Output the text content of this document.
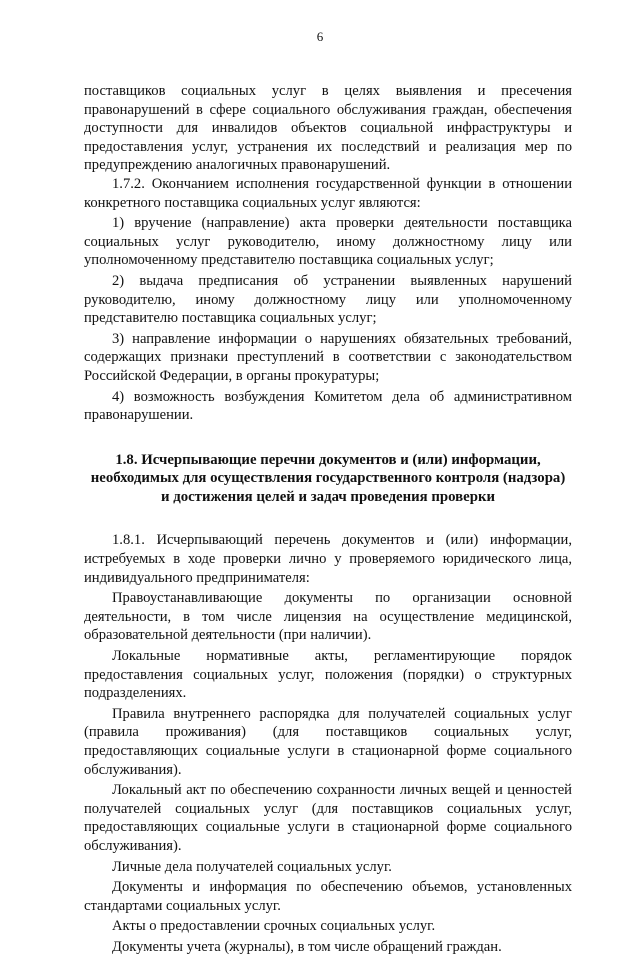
6

поставщиков социальных услуг в целях выявления и пресечения правонарушений в сфере социального обслуживания граждан, обеспечения доступности для инвалидов объектов социальной инфраструктуры и предоставления услуг, устранения их последствий и реализация мер по предупреждению аналогичных правонарушений.

1.7.2. Окончанием исполнения государственной функции в отношении конкретного поставщика социальных услуг являются:

1) вручение (направление) акта проверки деятельности поставщика социальных услуг руководителю, иному должностному лицу или уполномоченному представителю поставщика социальных услуг;

2) выдача предписания об устранении выявленных нарушений руководителю, иному должностному лицу или уполномоченному представителю поставщика социальных услуг;

3) направление информации о нарушениях обязательных требований, содержащих признаки преступлений в соответствии с законодательством Российской Федерации, в органы прокуратуры;

4) возможность возбуждения Комитетом дела об административном правонарушении.

1.8. Исчерпывающие перечни документов и (или) информации, необходимых для осуществления государственного контроля (надзора) и достижения целей и задач проведения проверки

1.8.1. Исчерпывающий перечень документов и (или) информации, истребуемых в ходе проверки лично у проверяемого юридического лица, индивидуального предпринимателя:

Правоустанавливающие документы по организации основной деятельности, в том числе лицензия на осуществление медицинской, образовательной деятельности (при наличии).

Локальные нормативные акты, регламентирующие порядок предоставления социальных услуг, положения (порядки) о структурных подразделениях.

Правила внутреннего распорядка для получателей социальных услуг (правила проживания) (для поставщиков социальных услуг, предоставляющих социальные услуги в стационарной форме социального обслуживания).

Локальный акт по обеспечению сохранности личных вещей и ценностей получателей социальных услуг (для поставщиков социальных услуг, предоставляющих социальные услуги в стационарной форме социального обслуживания).

Личные дела получателей социальных услуг.

Документы и информация по обеспечению объемов, установленных стандартами социальных услуг.

Акты о предоставлении срочных социальных услуг.

Документы учета (журналы), в том числе обращений граждан.
